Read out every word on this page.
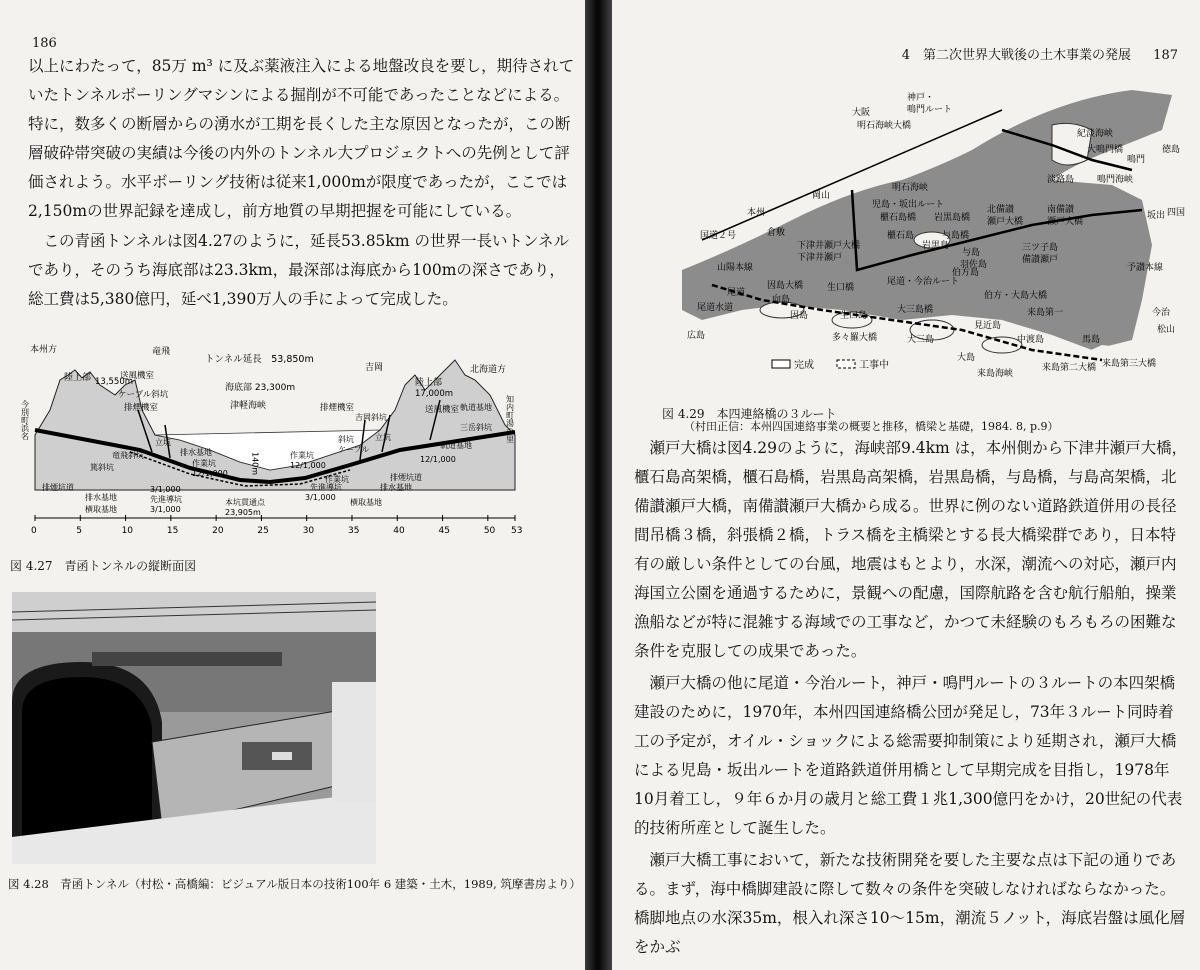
186

以上にわたって，85万 m³ に及ぶ薬液注入による地盤改良を要し，期待されていたトンネルボーリングマシンによる掘削が不可能であったことなどによる。特に，数多くの断層からの湧水が工期を長くした主な原因となったが，この断層破砕帯突破の実績は今後の内外のトンネル大プロジェクトへの先例として評価されよう。水平ボーリング技術は従来1,000mが限度であったが，ここでは2,150mの世界記録を達成し，前方地質の早期把握を可能にしている。

この青函トンネルは図4.27のように，延長53.85km の世界一長いトンネルであり，そのうち海底部は23.3km，最深部は海底から100mの深さであり，総工費は5,380億円，延べ1,390万人の手によって完成した。

0	5	10	15	20	25	30	35	40	45	50 53
本州方
北海道方
竜飛
吉岡
トンネル延長　53,850m
陸上部 13,550m	陸上部
17,000m
海底部 23,300m
津軽海峡
送風機室
ケーブル斜坑
排煙機室	排煙機室	送風機室
今別町浜名	知内町湯の里
140m
篤斜坑
竜飛斜坑
立坑
排水基地
作業坑
12/1,000
先進導坑
3/1,000
本坑貫通点
23,905m
作業坑
12/1,000
吉岡斜坑
立坑
三岳斜坑
軌道基地
排煙坑道
排水基地
横取基地
3/1,000
排水基地
横取基地
斜坑
作業坑
ケーブル	軌道基地
12/1,000
排煙坑道
先進導坑
3/1,000
図 4.27　青函トンネルの縦断面図
図 4.28　青函トンネル（村松・高橋編：ビジュアル版日本の技術100年 6 建築・土木，1989, 筑摩書房より）
4　第二次世界大戦後の土木事業の発展 187
完成	工事中
大阪
神戸・
鳴門ルート
明石海峡大橋
紀淡海峡
徳島
大鳴門橋
鳴門
淡路島	鳴門海峡
明石海峡
岡山
児島・坂出ルート
櫃石島橋 岩黒島橋
北備讃
瀬戸大橋
南備讃
瀬戸大橋
坂出 四国
本州
倉敷
国道２号
山陽本線
下津井瀬戸大橋
下津井瀬戸
櫃石島
岩黒島
与島
与島橋
羽佐島
三ツ子島
備讃瀬戸
尾道
尾道・今治ルート
伯方島
因島大橋	生口橋
向島
因島	生口島
大三島橋
伯方・大島大橋
見近島
多々羅大橋	大三島
来島第一	今治
大島
中渡島	馬島
来島第三大橋
来島第二大橋
来島海峡
広島
尾道水道
松山
予讃本線
図 4.29　本四連絡橋の３ルート
（村田正信：本州四国連絡事業の概要と推移，橋梁と基礎，1984. 8, p.9）

瀬戸大橋は図4.29のように，海峡部9.4km は，本州側から下津井瀬戸大橋，櫃石島高架橋，櫃石島橋，岩黒島高架橋，岩黒島橋，与島橋，与島高架橋，北備讃瀬戸大橋，南備讃瀬戸大橋から成る。世界に例のない道路鉄道併用の長径間吊橋３橋，斜張橋２橋，トラス橋を主橋梁とする長大橋梁群であり，日本特有の厳しい条件としての台風，地震はもとより，水深，潮流への対応，瀬戸内海国立公園を通過するために，景観への配慮，国際航路を含む航行船舶，操業漁船などが特に混雑する海域での工事など，かつて未経験のもろもろの困難な条件を克服しての成果であった。

瀬戸大橋の他に尾道・今治ルート，神戸・鳴門ルートの３ルートの本四架橋建設のために，1970年，本州四国連絡橋公団が発足し，73年３ルート同時着工の予定が，オイル・ショックによる総需要抑制策により延期され，瀬戸大橋による児島・坂出ルートを道路鉄道併用橋として早期完成を目指し，1978年10月着工し，９年６か月の歳月と総工費１兆1,300億円をかけ，20世紀の代表的技術所産として誕生した。

瀬戸大橋工事において，新たな技術開発を要した主要な点は下記の通りである。まず，海中橋脚建設に際して数々の条件を突破しなければならなかった。橋脚地点の水深35m，根入れ深さ10〜15m，潮流５ノット，海底岩盤は風化層をかぶ
